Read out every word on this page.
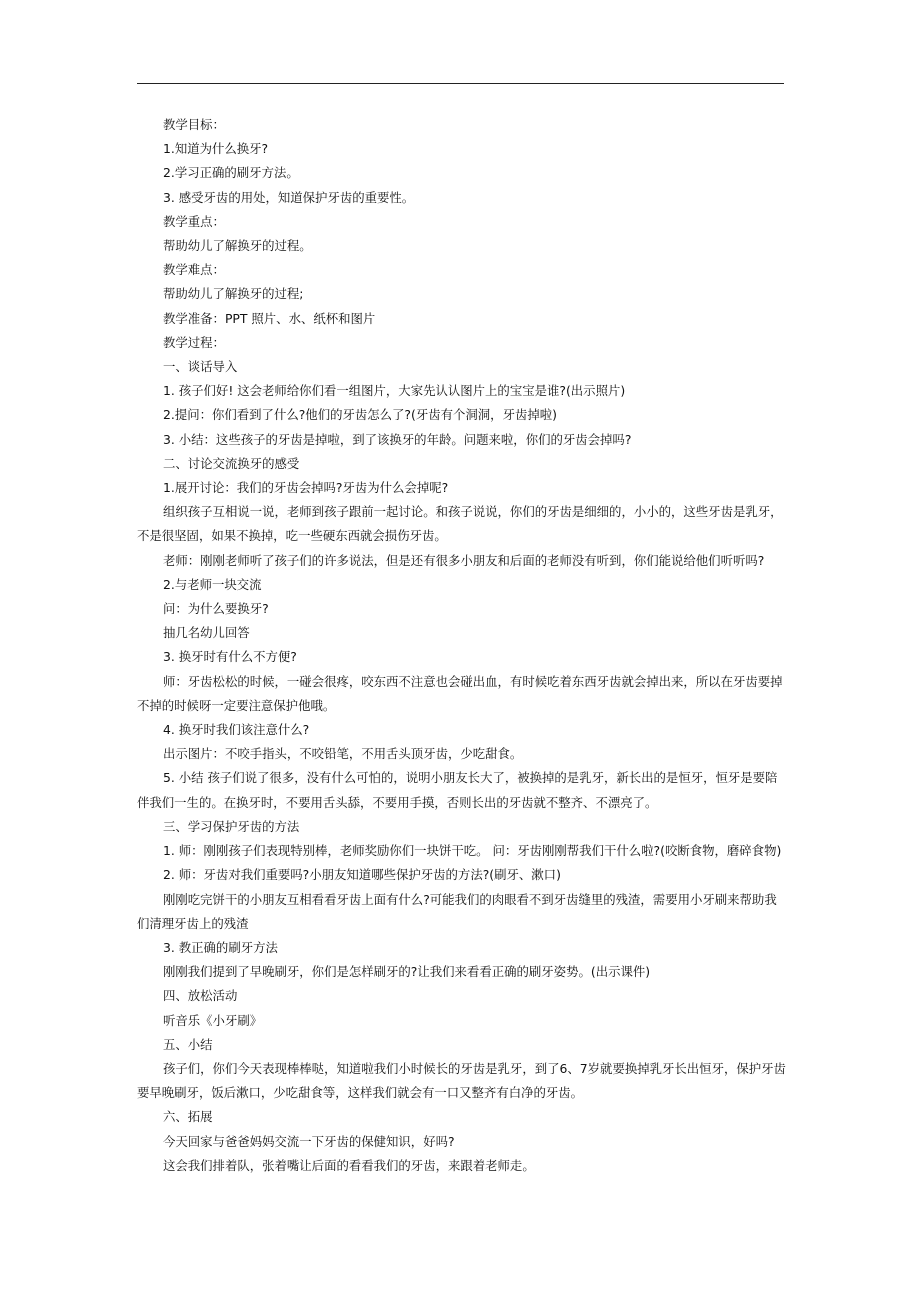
教学目标：

1.知道为什么换牙?

2.学习正确的刷牙方法。

3. 感受牙齿的用处，知道保护牙齿的重要性。

教学重点：

帮助幼儿了解换牙的过程。

教学难点：

帮助幼儿了解换牙的过程;

教学准备：PPT 照片、水、纸杯和图片

教学过程：

一、谈话导入

1. 孩子们好! 这会老师给你们看一组图片，大家先认认图片上的宝宝是谁?(出示照片)

2.提问：你们看到了什么?他们的牙齿怎么了?(牙齿有个洞洞，牙齿掉啦)

3. 小结：这些孩子的牙齿是掉啦，到了该换牙的年龄。问题来啦，你们的牙齿会掉吗?

二、讨论交流换牙的感受

1.展开讨论：我们的牙齿会掉吗?牙齿为什么会掉呢?

组织孩子互相说一说，老师到孩子跟前一起讨论。和孩子说说，你们的牙齿是细细的，小小的，这些牙齿是乳牙，不是很坚固，如果不换掉，吃一些硬东西就会损伤牙齿。

老师：刚刚老师听了孩子们的许多说法，但是还有很多小朋友和后面的老师没有听到，你们能说给他们听听吗?

2.与老师一块交流

问：为什么要换牙?

抽几名幼儿回答

3. 换牙时有什么不方便?

师：牙齿松松的时候，一碰会很疼，咬东西不注意也会碰出血，有时候吃着东西牙齿就会掉出来，所以在牙齿要掉不掉的时候呀一定要注意保护他哦。

4. 换牙时我们该注意什么?

出示图片：不咬手指头，不咬铅笔，不用舌头顶牙齿，少吃甜食。

5. 小结 孩子们说了很多，没有什么可怕的，说明小朋友长大了，被换掉的是乳牙，新长出的是恒牙，恒牙是要陪伴我们一生的。在换牙时，不要用舌头舔，不要用手摸，否则长出的牙齿就不整齐、不漂亮了。

三、学习保护牙齿的方法

1. 师：刚刚孩子们表现特别棒，老师奖励你们一块饼干吃。 问：牙齿刚刚帮我们干什么啦?(咬断食物，磨碎食物)

2. 师：牙齿对我们重要吗?小朋友知道哪些保护牙齿的方法?(刷牙、漱口)

刚刚吃完饼干的小朋友互相看看牙齿上面有什么?可能我们的肉眼看不到牙齿缝里的残渣，需要用小牙刷来帮助我们清理牙齿上的残渣

3. 教正确的刷牙方法

刚刚我们提到了早晚刷牙，你们是怎样刷牙的?让我们来看看正确的刷牙姿势。(出示课件)

四、放松活动

听音乐《小牙刷》

五、小结

孩子们，你们今天表现棒棒哒，知道啦我们小时候长的牙齿是乳牙，到了6、7岁就要换掉乳牙长出恒牙，保护牙齿要早晚刷牙，饭后漱口，少吃甜食等，这样我们就会有一口又整齐有白净的牙齿。

六、拓展

今天回家与爸爸妈妈交流一下牙齿的保健知识，好吗?

这会我们排着队，张着嘴让后面的看看我们的牙齿，来跟着老师走。
